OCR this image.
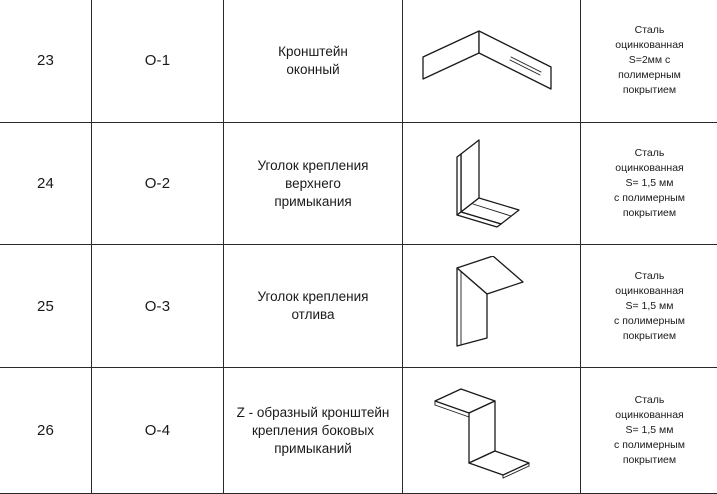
23	О-1	Кронштейн
оконный		Сталь
оцинкованная
S=2мм с
полимерным
покрытием

24	О-2	Уголок крепления
верхнего
примыкания		Сталь
оцинкованная
S= 1,5 мм
с полимерным
покрытием

25	О-3	Уголок крепления
отлива		Сталь
оцинкованная
S= 1,5 мм
с полимерным
покрытием

26	О-4	Z - образный кронштейн
крепления боковых
примыканий		Сталь
оцинкованная
S= 1,5 мм
с полимерным
покрытием
